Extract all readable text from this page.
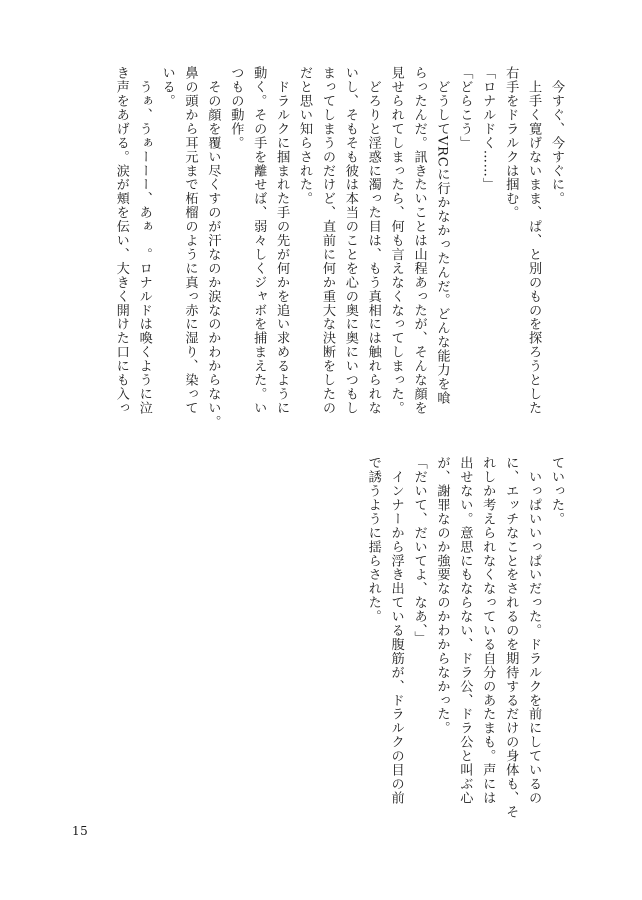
　今すぐ、今すぐに。
　上手く寛げないまま、ぱ、と別のものを探ろうとした
右手をドラルクは掴む。
「ロナルドく……」
「どらこう」
　どうしてVRCに行かなかったんだ。どんな能力を喰
らったんだ。訊きたいことは山程あったが、そんな顔を
見せられてしまったら、何も言えなくなってしまった。
　どろりと淫惑に濁った目は、もう真相には触れられな
いし、そもそも彼は本当のことを心の奥に奥にいつもし
まってしまうのだけど、直前に何か重大な決断をしたの
だと思い知らされた。
　ドラルクに掴まれた手の先が何かを追い求めるように
動く。その手を離せば、弱々しくジャボを捕まえた。い
つもの動作。
　その顔を覆い尽くすのが汗なのか涙なのかわからない。
鼻の頭から耳元まで柘榴のように真っ赤に湿り、染って
いる。
　うぁ、うぁーーー、あぁ　。ロナルドは喚くように泣
き声をあげる。涙が頬を伝い、大きく開けた口にも入っ
ていった。
　いっぱいいっぱいだった。ドラルクを前にしているの
に、エッチなことをされるのを期待するだけの身体も、そ
れしか考えられなくなっている自分のあたまも。声には
出せない。意思にもならない、ドラ公、ドラ公と叫ぶ心
が、謝罪なのか強要なのかわからなかった。
「だいて、だいてよ、なあ、」
　インナーから浮き出ている腹筋が、ドラルクの目の前
で誘うように揺らされた。
15
